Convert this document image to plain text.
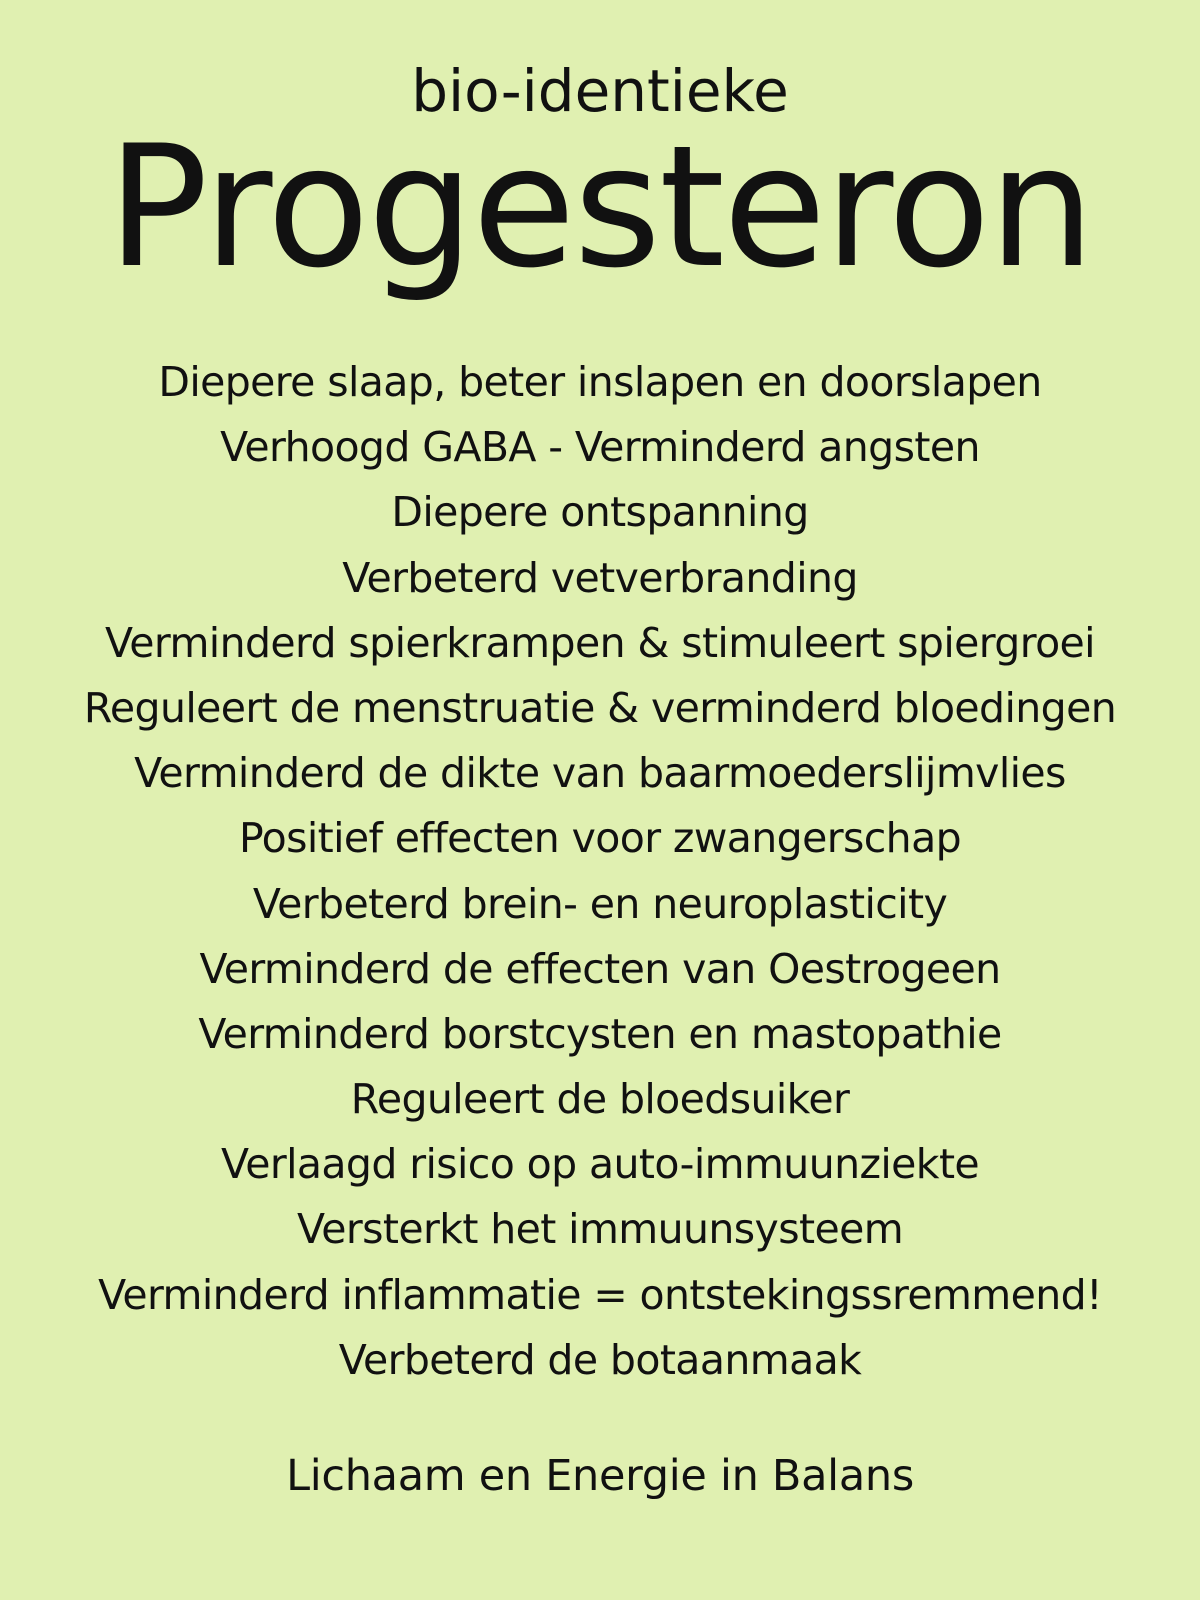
bio-identieke
Progesteron
Diepere slaap, beter inslapen en doorslapen
Verhoogd GABA - Verminderd angsten
Diepere ontspanning
Verbeterd vetverbranding
Verminderd spierkrampen & stimuleert spiergroei
Reguleert de menstruatie & verminderd bloedingen
Verminderd de dikte van baarmoederslijmvlies
Positief effecten voor zwangerschap
Verbeterd brein- en neuroplasticity
Verminderd de effecten van Oestrogeen
Verminderd borstcysten en mastopathie
Reguleert de bloedsuiker
Verlaagd risico op auto-immuunziekte
Versterkt het immuunsysteem
Verminderd inflammatie = ontstekingssremmend!
Verbeterd de botaanmaak
Lichaam en Energie in Balans
